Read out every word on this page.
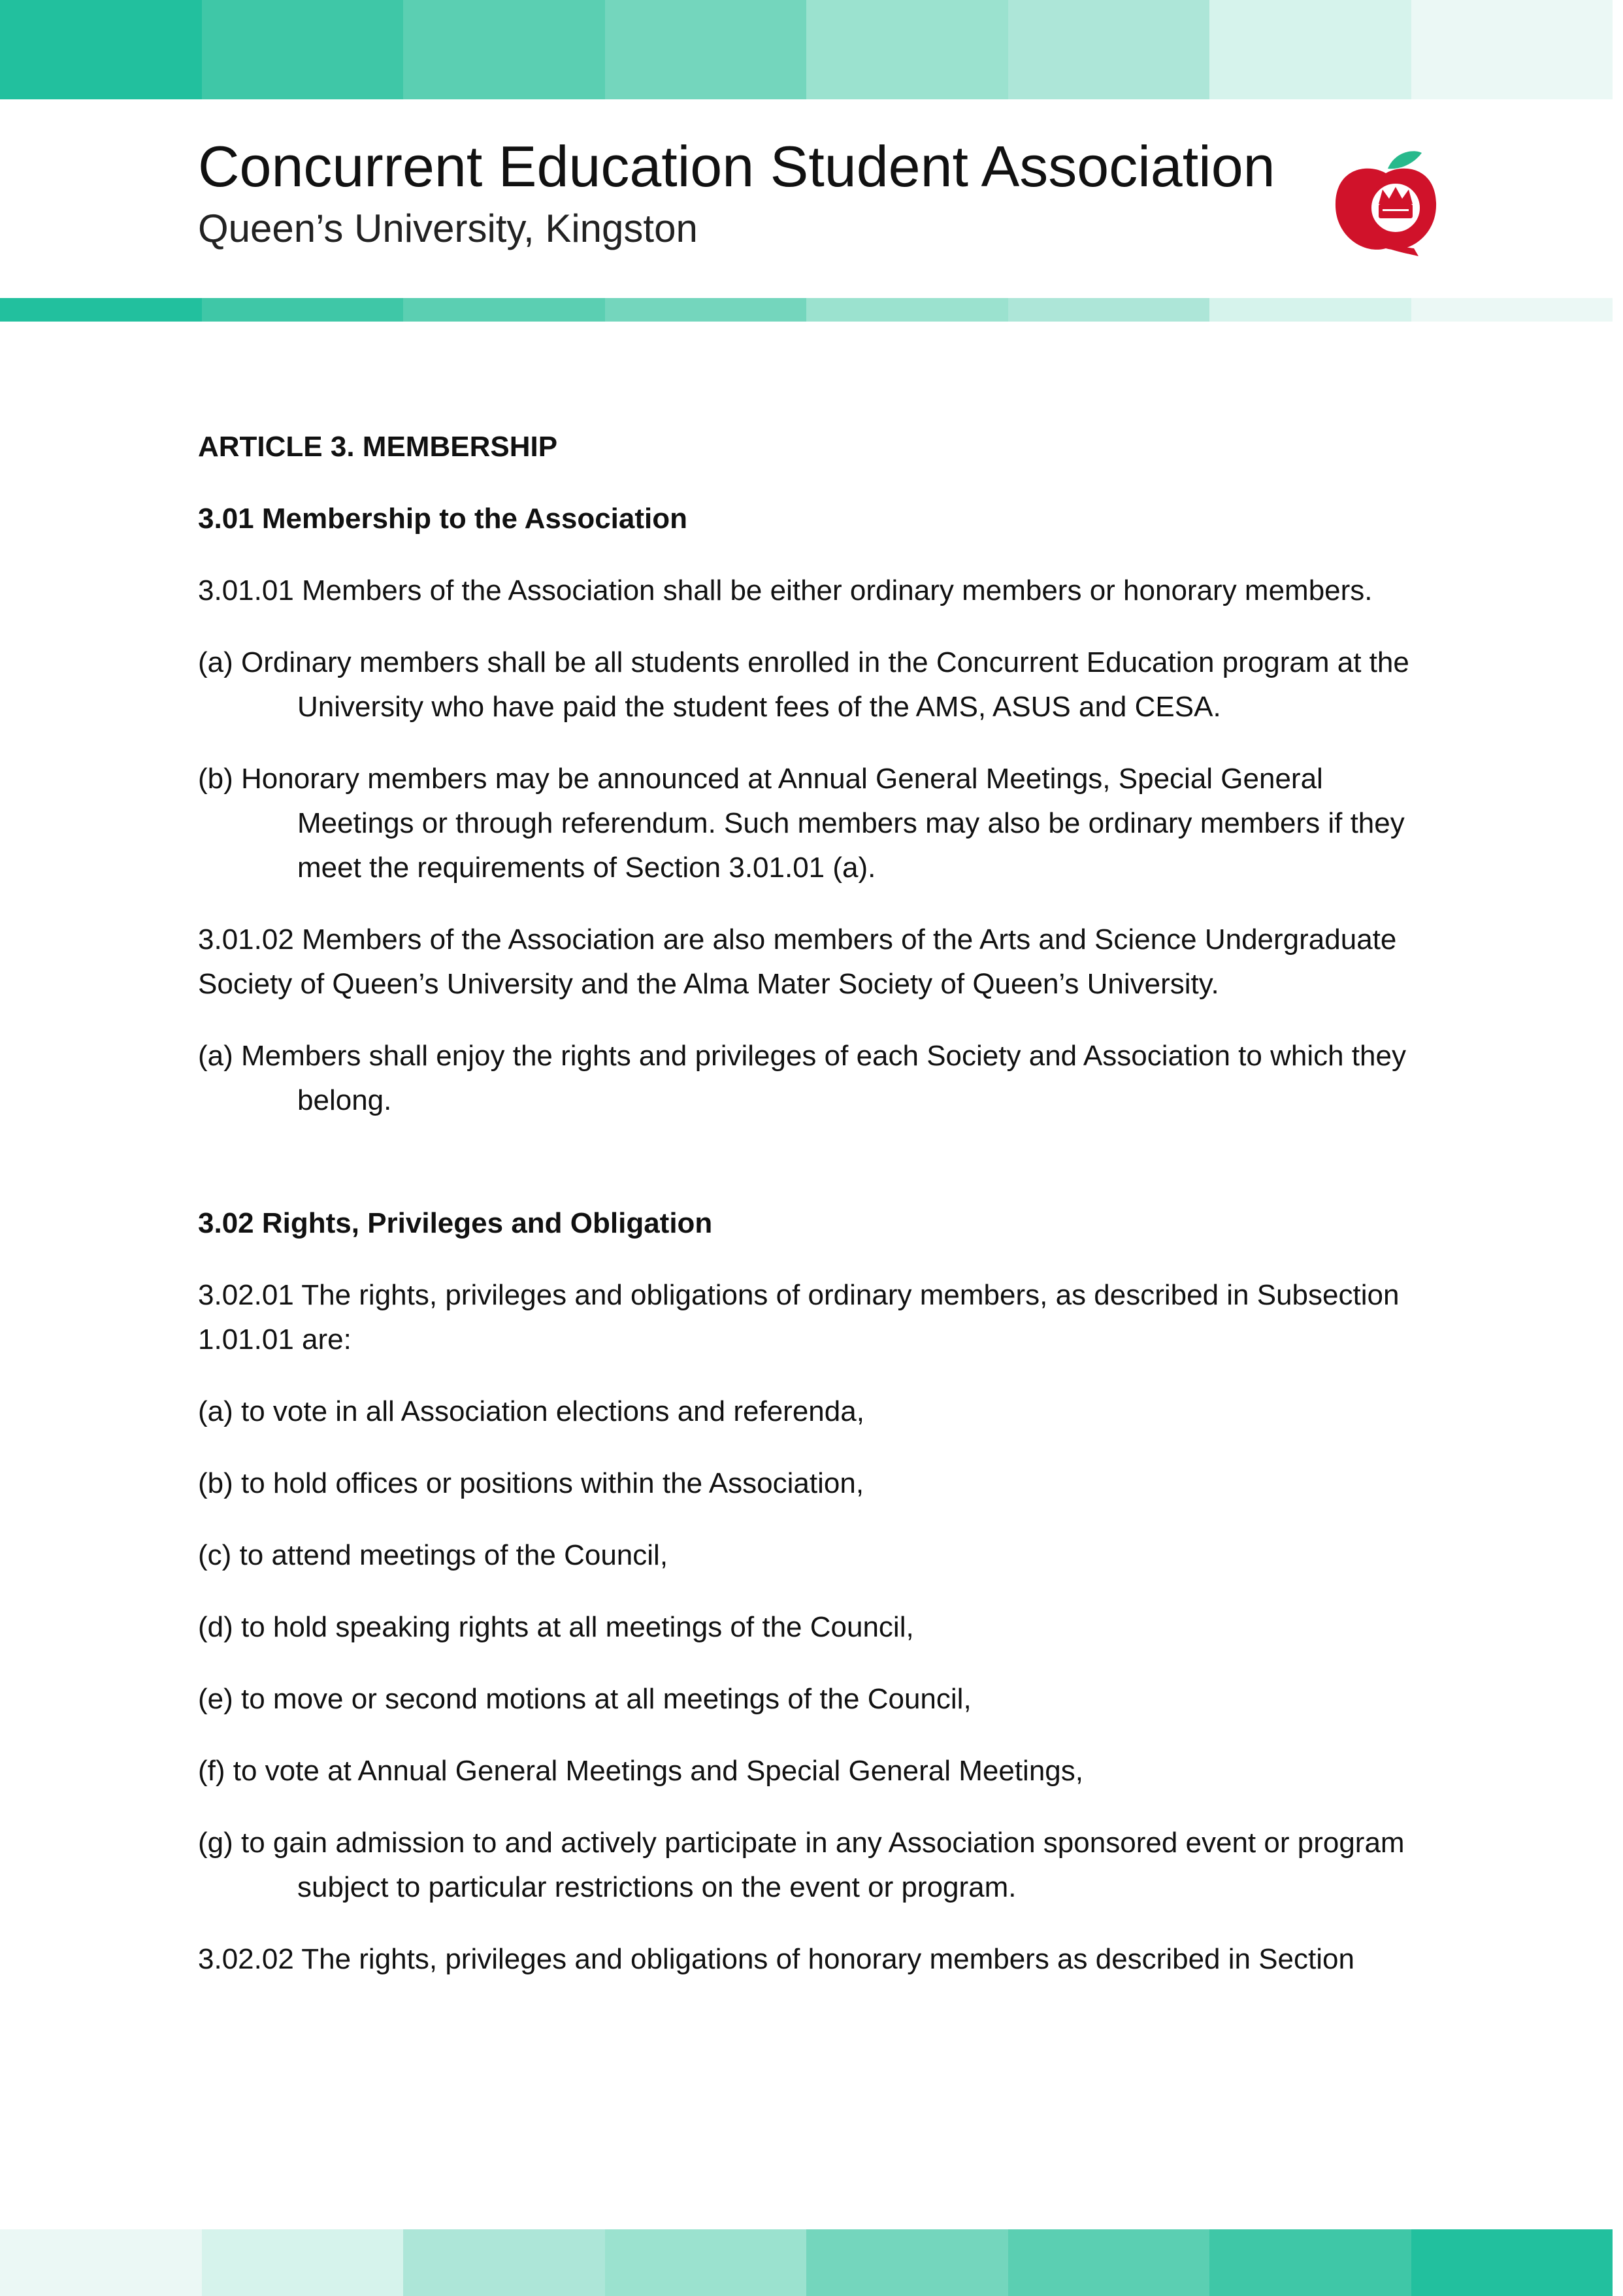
Concurrent Education Student Association
Queen’s University, Kingston

ARTICLE 3. MEMBERSHIP

3.01 Membership to the Association

3.01.01 Members of the Association shall be either ordinary members or honorary members.

(a) Ordinary members shall be all students enrolled in the Concurrent Education program at the University who have paid the student fees of the AMS, ASUS and CESA.

(b) Honorary members may be announced at Annual General Meetings, Special General Meetings or through referendum. Such members may also be ordinary members if they meet the requirements of Section 3.01.01 (a).

3.01.02 Members of the Association are also members of the Arts and Science Undergraduate Society of Queen’s University and the Alma Mater Society of Queen’s University.

(a) Members shall enjoy the rights and privileges of each Society and Association to which they belong.

3.02 Rights, Privileges and Obligation

3.02.01 The rights, privileges and obligations of ordinary members, as described in Subsection 1.01.01 are:

(a) to vote in all Association elections and referenda,

(b) to hold offices or positions within the Association,

(c) to attend meetings of the Council,

(d) to hold speaking rights at all meetings of the Council,

(e) to move or second motions at all meetings of the Council,

(f) to vote at Annual General Meetings and Special General Meetings,

(g) to gain admission to and actively participate in any Association sponsored event or program subject to particular restrictions on the event or program.

3.02.02 The rights, privileges and obligations of honorary members as described in Section
